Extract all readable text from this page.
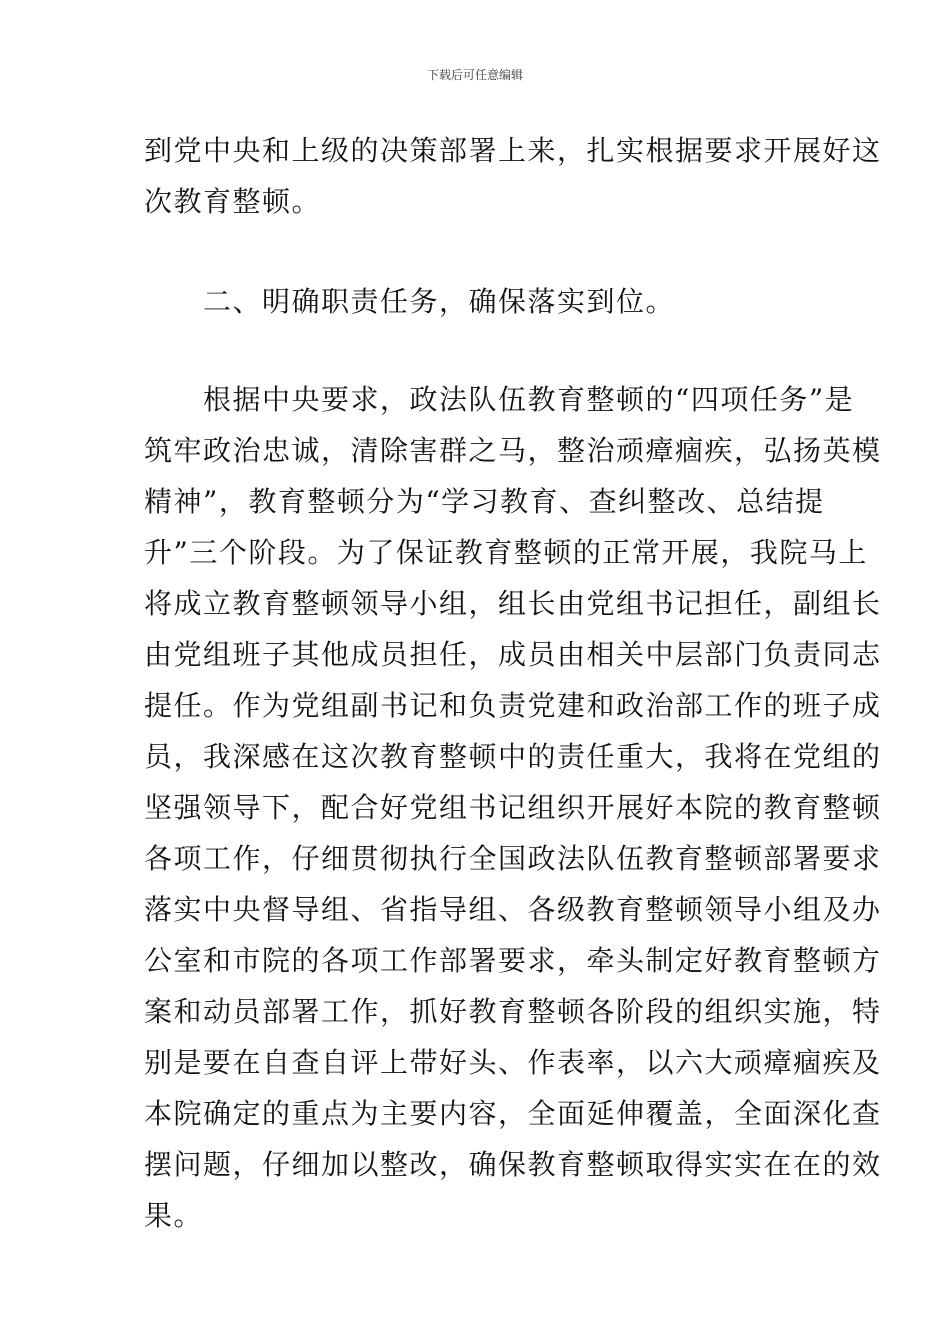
下载后可任意编辑

到党中央和上级的决策部署上来，扎实根据要求开展好这
次教育整顿。

　　二、明确职责任务，确保落实到位。

　　根据中央要求，政法队伍教育整顿的“四项任务”是
筑牢政治忠诚，清除害群之马，整治顽瘴痼疾，弘扬英模
精神”，教育整顿分为“学习教育、查纠整改、总结提
升”三个阶段。为了保证教育整顿的正常开展，我院马上
将成立教育整顿领导小组，组长由党组书记担任，副组长
由党组班子其他成员担任，成员由相关中层部门负责同志
提任。作为党组副书记和负责党建和政治部工作的班子成
员，我深感在这次教育整顿中的责任重大，我将在党组的
坚强领导下，配合好党组书记组织开展好本院的教育整顿
各项工作，仔细贯彻执行全国政法队伍教育整顿部署要求
落实中央督导组、省指导组、各级教育整顿领导小组及办
公室和市院的各项工作部署要求，牵头制定好教育整顿方
案和动员部署工作，抓好教育整顿各阶段的组织实施，特
别是要在自查自评上带好头、作表率，以六大顽瘴痼疾及
本院确定的重点为主要内容，全面延伸覆盖，全面深化查
摆问题，仔细加以整改，确保教育整顿取得实实在在的效
果。
